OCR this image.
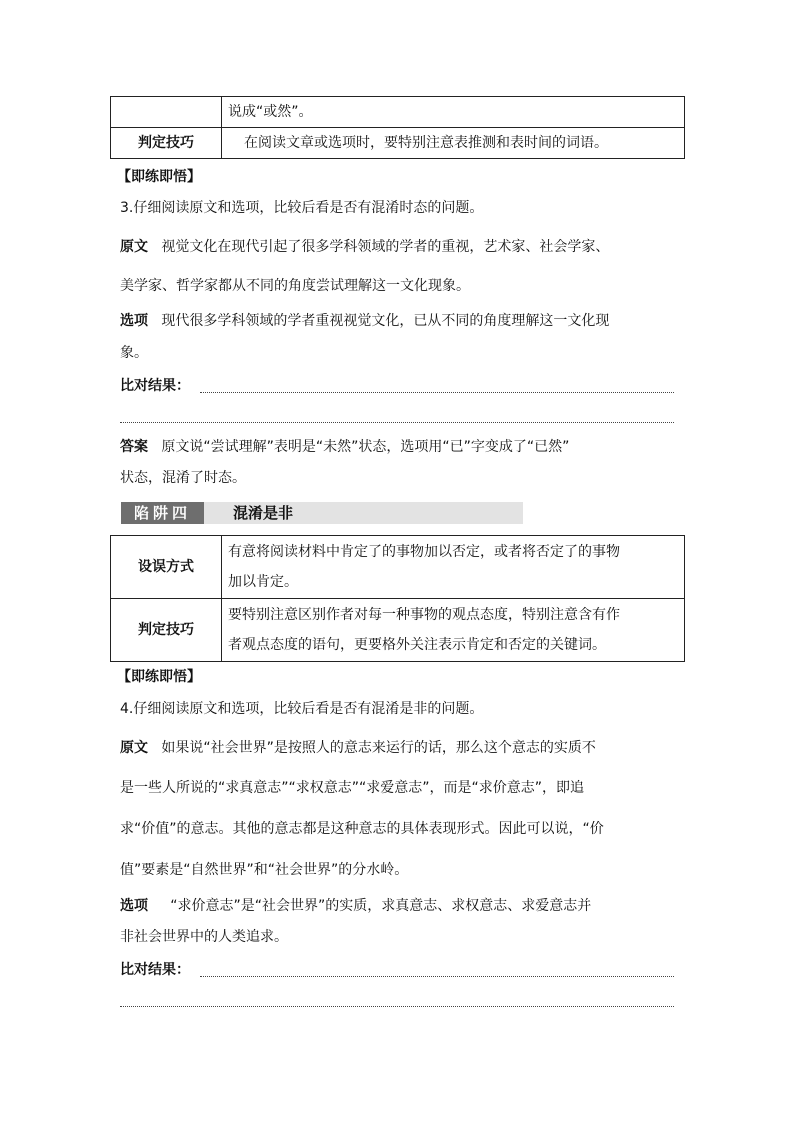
	说成“或然”。
判定技巧	在阅读文章或选项时，要特别注意表推测和表时间的词语。
【即练即悟】
3.仔细阅读原文和选项，比较后看是否有混淆时态的问题。
原文 视觉文化在现代引起了很多学科领域的学者的重视，艺术家、社会学家、
美学家、哲学家都从不同的角度尝试理解这一文化现象。
选项 现代很多学科领域的学者重视视觉文化，已从不同的角度理解这一文化现
象。
比对结果：
答案 原文说“尝试理解”表明是“未然”状态，选项用“已”字变成了“已然”
状态，混淆了时态。
陷阱四	混淆是非
设误方式	有意将阅读材料中肯定了的事物加以否定，或者将否定了的事物
加以肯定。

判定技巧	要特别注意区别作者对每一种事物的观点态度，特别注意含有作
者观点态度的语句，更要格外关注表示肯定和否定的关键词。
【即练即悟】
4.仔细阅读原文和选项，比较后看是否有混淆是非的问题。
原文 如果说“社会世界”是按照人的意志来运行的话，那么这个意志的实质不
是一些人所说的“求真意志”“求权意志”“求爱意志”，而是“求价意志”，即追
求“价值”的意志。其他的意志都是这种意志的具体表现形式。因此可以说，“价
值”要素是“自然世界”和“社会世界”的分水岭。
选项 “求价意志”是“社会世界”的实质，求真意志、求权意志、求爱意志并
非社会世界中的人类追求。
比对结果：
